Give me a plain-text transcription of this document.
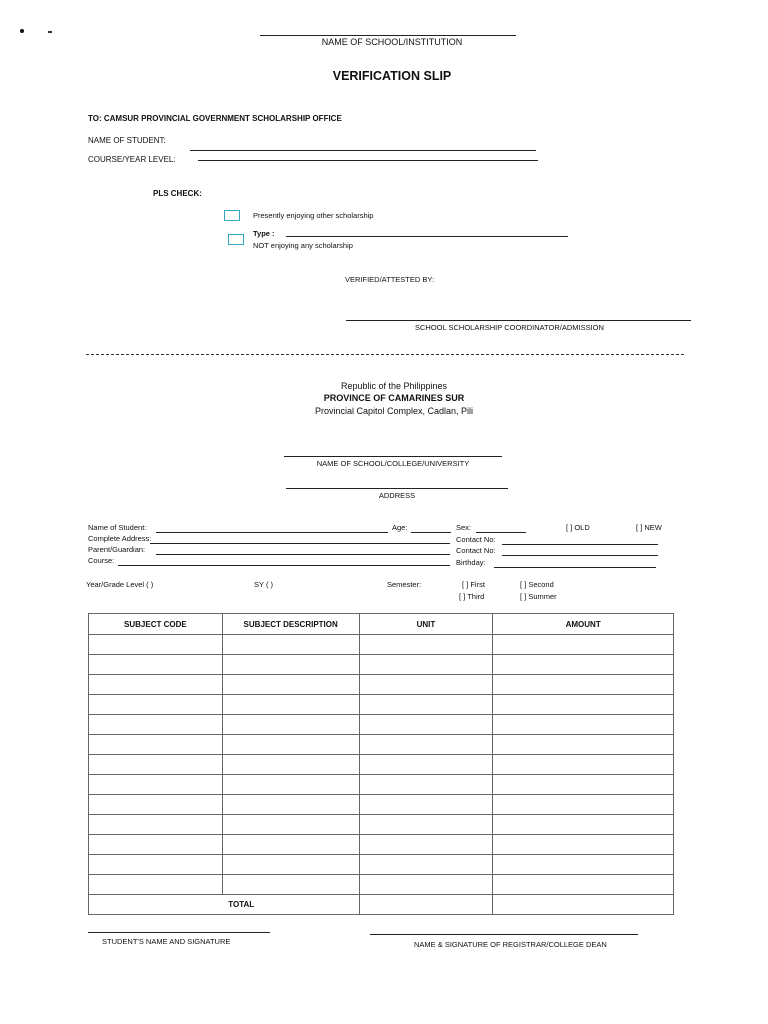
NAME OF SCHOOL/INSTITUTION
VERIFICATION SLIP
TO: CAMSUR PROVINCIAL GOVERNMENT SCHOLARSHIP OFFICE
NAME OF STUDENT:
COURSE/YEAR LEVEL:
PLS CHECK:
Presently enjoying other scholarship
Type :
NOT enjoying any scholarship
VERIFIED/ATTESTED BY:
SCHOOL SCHOLARSHIP COORDINATOR/ADMISSION
Republic of the Philippines
PROVINCE OF CAMARINES SUR
Provincial Capitol Complex, Cadlan, Pili
NAME OF SCHOOL/COLLEGE/UNIVERSITY
ADDRESS
Name of Student:	Age:	Sex:	[ ] OLD	[ ] NEW
Complete Address:	Contact No:
Parent/Guardian:	Contact No:
Course:	Birthday:
Year/Grade Level ( )	SY ( )	Semester:	[ ] First	[ ] Second
[ ] Third	[ ] Summer
SUBJECT CODE	SUBJECT DESCRIPTION	UNIT	AMOUNT

	TOTAL		
STUDENT'S NAME AND SIGNATURE	NAME & SIGNATURE OF REGISTRAR/COLLEGE DEAN
